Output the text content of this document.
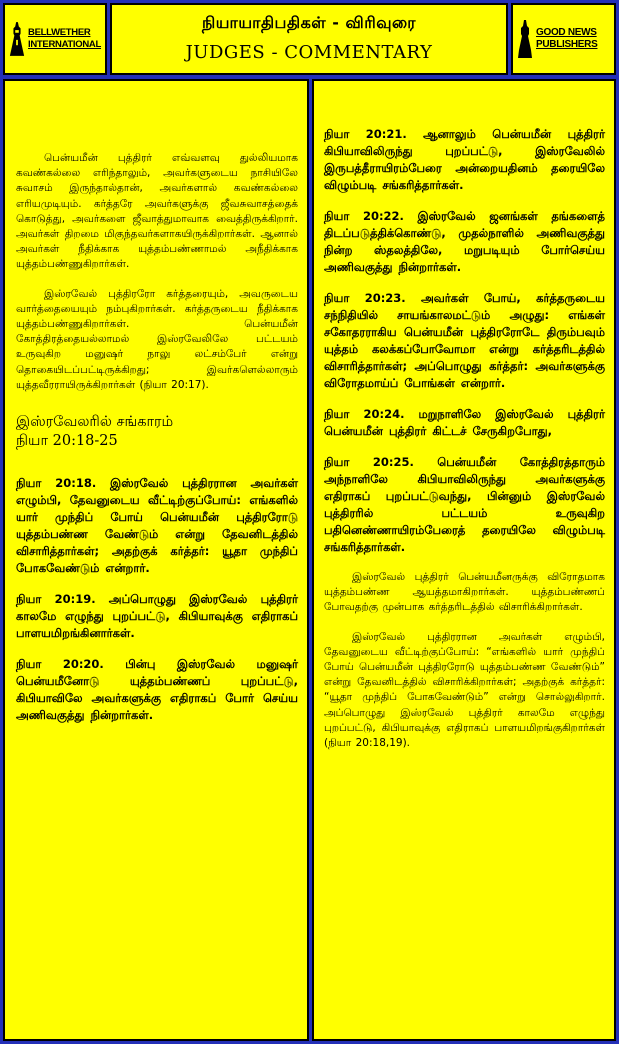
BELLWETHER
INTERNATIONAL
நியாயாதிபதிகள் - விரிவுரை
JUDGES - COMMENTARY
GOOD NEWS
PUBLISHERS

பென்யமீன் புத்திரர் எவ்வளவு துல்லியமாக கவண்கல்லை எரிந்தாலும், அவர்களுடைய நாசியிலே சுவாசம் இருந்தால்தான், அவர்களால் கவண்கல்லை எரியமுடியும். கர்த்தரே அவர்களுக்கு ஜீவசுவாசத்தைக் கொடுத்து, அவர்களை ஜீவாத்துமாவாக வைத்திருக்கிறார். அவர்கள் திறமை மிகுந்தவர்களாகயிருக்கிறார்கள். ஆனால் அவர்கள் நீதிக்காக யுத்தம்பண்ணாமல் அநீதிக்காக யுத்தம்பண்ணுகிறார்கள்.

இஸ்ரவேல் புத்திரரோ கர்த்தரையும், அவருடைய வார்த்தையையும் நம்புகிறார்கள். கர்த்தருடைய நீதிக்காக யுத்தம்பண்ணுகிறார்கள். பென்யமீன் கோத்திரத்தையல்லாமல் இஸ்ரவேலிலே பட்டயம் உருவுகிற மனுஷர் நாலு லட்சம்பேர் என்று தொகையிடப்பட்டிருக்கிறது; இவர்களெல்லாரும் யுத்தவீரராயிருக்கிறார்கள் (நியா 20:17).

இஸ்ரவேலரில் சங்காரம்
நியா 20:18-25

நியா 20:18. இஸ்ரவேல் புத்திரரான அவர்கள் எழும்பி, தேவனுடைய வீட்டிற்குப்போய்: எங்களில் யார் முந்திப் போய் பென்யமீன் புத்திரரோடு யுத்தம்பண்ண வேண்டும் என்று தேவனிடத்தில் விசாரித்தார்கள்; அதற்குக் கர்த்தர்: யூதா முந்திப் போகவேண்டும் என்றார்.

நியா 20:19. அப்பொழுது இஸ்ரவேல் புத்திரர் காலமே எழுந்து புறப்பட்டு, கிபியாவுக்கு எதிராகப் பாளயமிறங்கினார்கள்.

நியா 20:20. பின்பு இஸ்ரவேல் மனுஷர் பென்யமீனோடு யுத்தம்பண்ணப் புறப்பட்டு, கிபியாவிலே அவர்களுக்கு எதிராகப் போர் செய்ய அணிவகுத்து நின்றார்கள்.

நியா 20:21. ஆனாலும் பென்யமீன் புத்திரர் கிபியாவிலிருந்து புறப்பட்டு, இஸ்ரவேலில் இருபத்தீராயிரம்பேரை அன்றையதினம் தரையிலே விழும்படி சங்கரித்தார்கள்.

நியா 20:22. இஸ்ரவேல் ஜனங்கள் தங்களைத் திடப்படுத்திக்கொண்டு, முதல்நாளில் அணிவகுத்து நின்ற ஸ்தலத்திலே, மறுபடியும் போர்செய்ய அணிவகுத்து நின்றார்கள்.

நியா 20:23. அவர்கள் போய், கர்த்தருடைய சந்நிதியில் சாயங்காலமட்டும் அழுது: எங்கள் சகோதரராகிய பென்யமீன் புத்திரரோடே திரும்பவும் யுத்தம் கலக்கப்போவோமா என்று கர்த்தரிடத்தில் விசாரித்தார்கள்; அப்பொழுது கர்த்தர்: அவர்களுக்கு விரோதமாய்ப் போங்கள் என்றார்.

நியா 20:24. மறுநாளிலே இஸ்ரவேல் புத்திரர் பென்யமீன் புத்திரர் கிட்டச் சேருகிறபோது,

நியா 20:25. பென்யமீன் கோத்திரத்தாரும் அந்நாளிலே கிபியாவிலிருந்து அவர்களுக்கு எதிராகப் புறப்பட்டுவந்து, பின்னும் இஸ்ரவேல் புத்திரரில் பட்டயம் உருவுகிற பதினெண்ணாயிரம்பேரைத் தரையிலே விழும்படி சங்கரித்தார்கள்.

இஸ்ரவேல் புத்திரர் பென்யமீனருக்கு விரோதமாக யுத்தம்பண்ண ஆயத்தமாகிறார்கள். யுத்தம்பண்ணப் போவதற்கு முன்பாக கர்த்தரிடத்தில் விசாரிக்கிறார்கள்.

இஸ்ரவேல் புத்திரரான அவர்கள் எழும்பி, தேவனுடைய வீட்டிற்குப்போய்: “எங்களில் யார் முந்திப் போய் பென்யமீன் புத்திரரோடு யுத்தம்பண்ண வேண்டும்” என்று தேவனிடத்தில் விசாரிக்கிறார்கள்; அதற்குக் கர்த்தர்: “யூதா முந்திப் போகவேண்டும்” என்று சொல்லுகிறார். அப்பொழுது இஸ்ரவேல் புத்திரர் காலமே எழுந்து புறப்பட்டு, கிபியாவுக்கு எதிராகப் பாளயமிறங்குகிறார்கள் (நியா 20:18,19).
